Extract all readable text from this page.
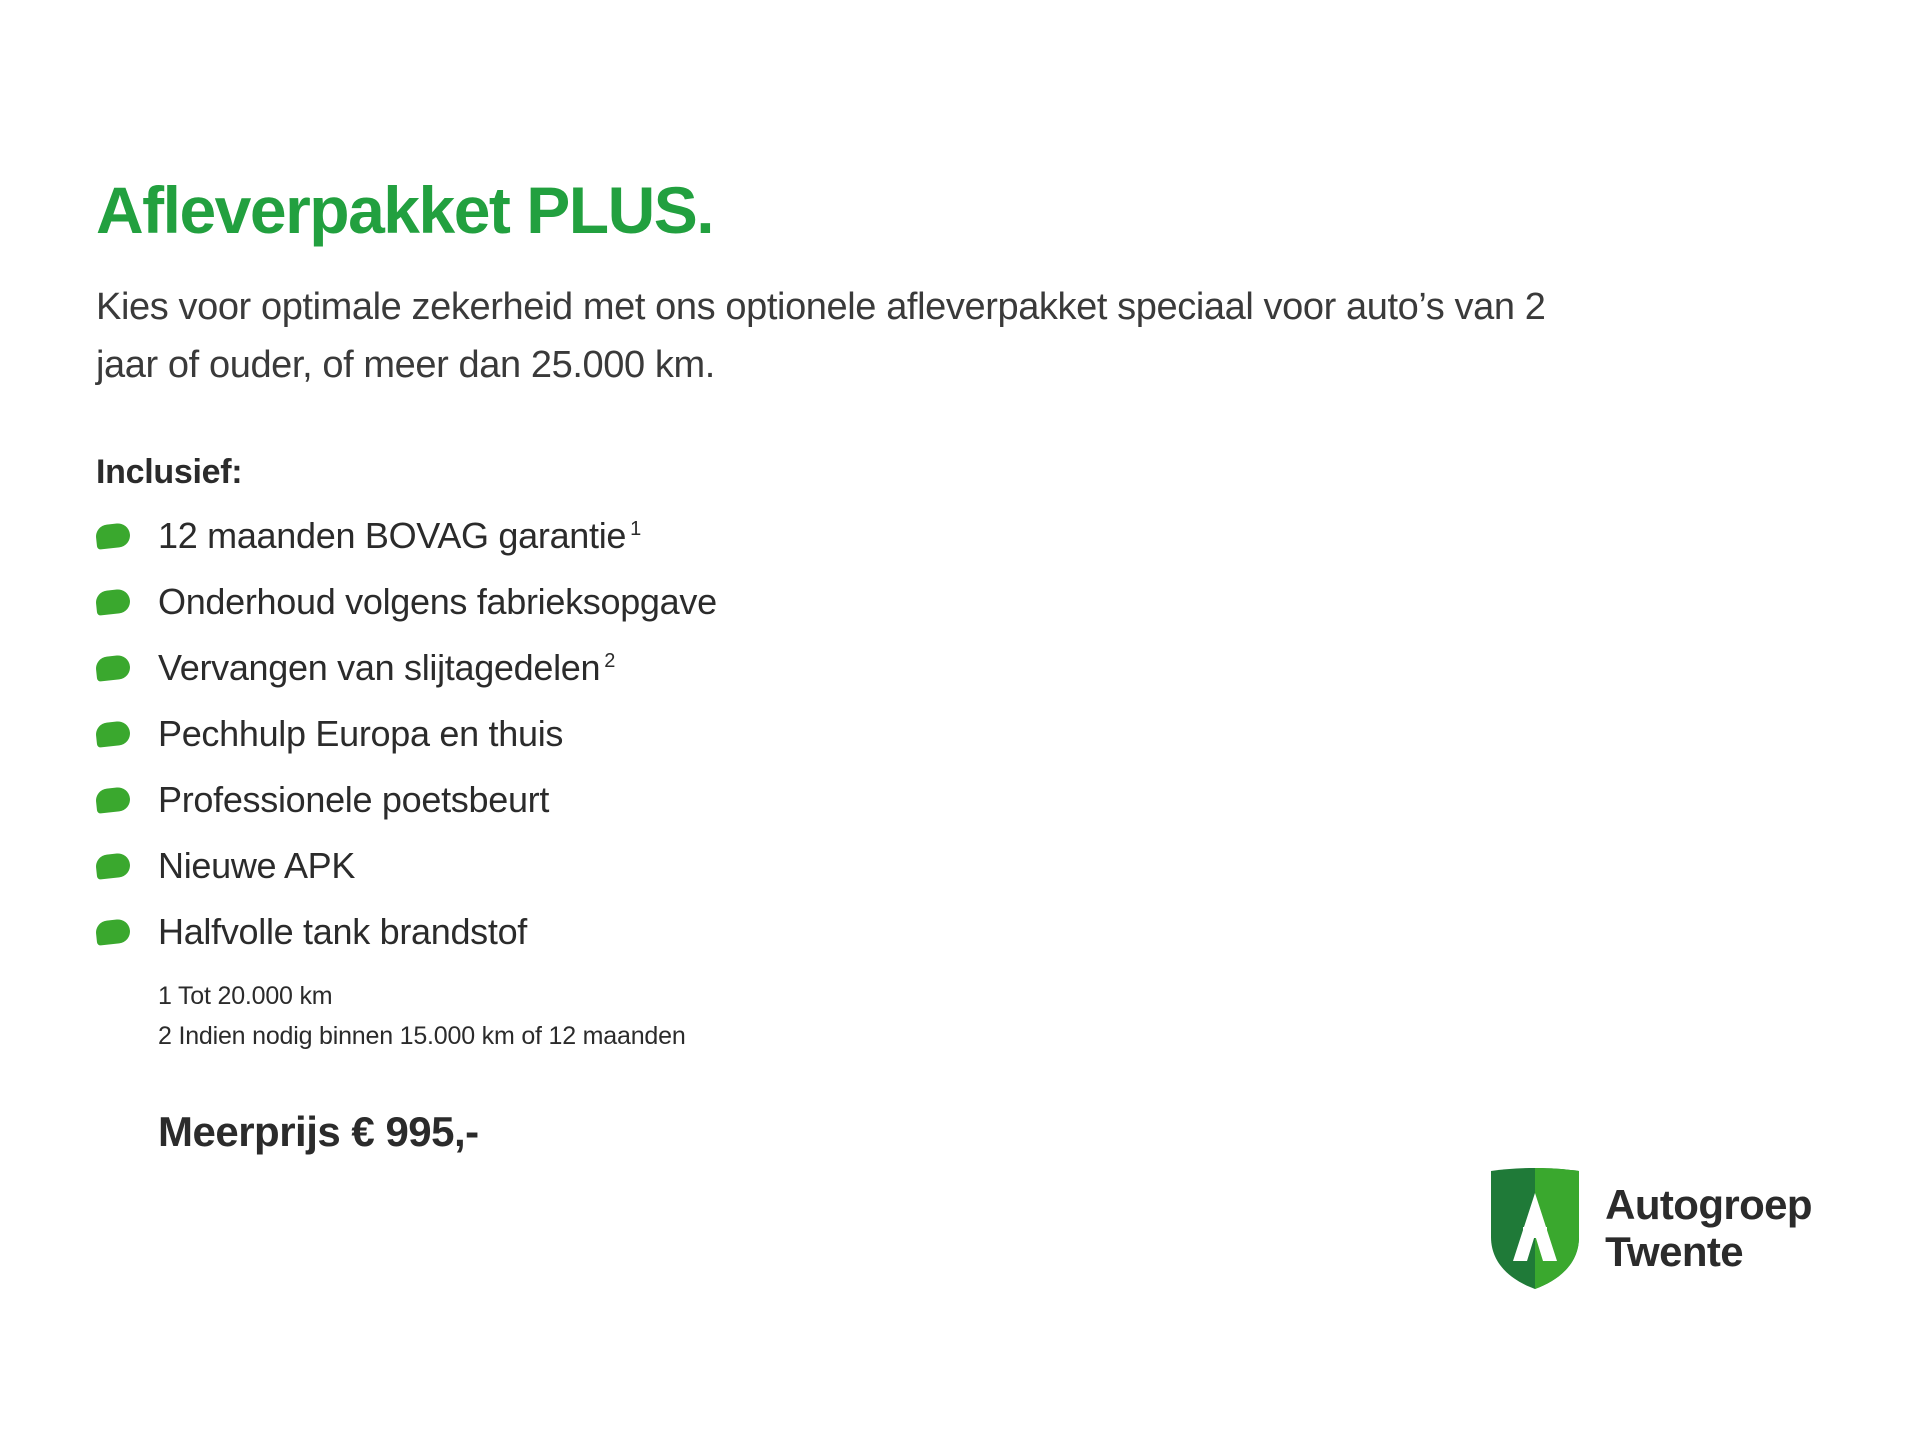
Afleverpakket PLUS.

Kies voor optimale zekerheid met ons optionele afleverpakket speciaal voor auto’s van 2 jaar of ouder, of meer dan 25.000 km.

Inclusief:
12 maanden BOVAG garantie $^1$
Onderhoud volgens fabrieksopgave
Vervangen van slijtagedelen $^2$
Pechhulp Europa en thuis
Professionele poetsbeurt
Nieuwe APK
Halfvolle tank brandstof
1 Tot 20.000 km
2 Indien nodig binnen 15.000 km of 12 maanden
Meerprijs € 995,-
Autogroep
Twente
